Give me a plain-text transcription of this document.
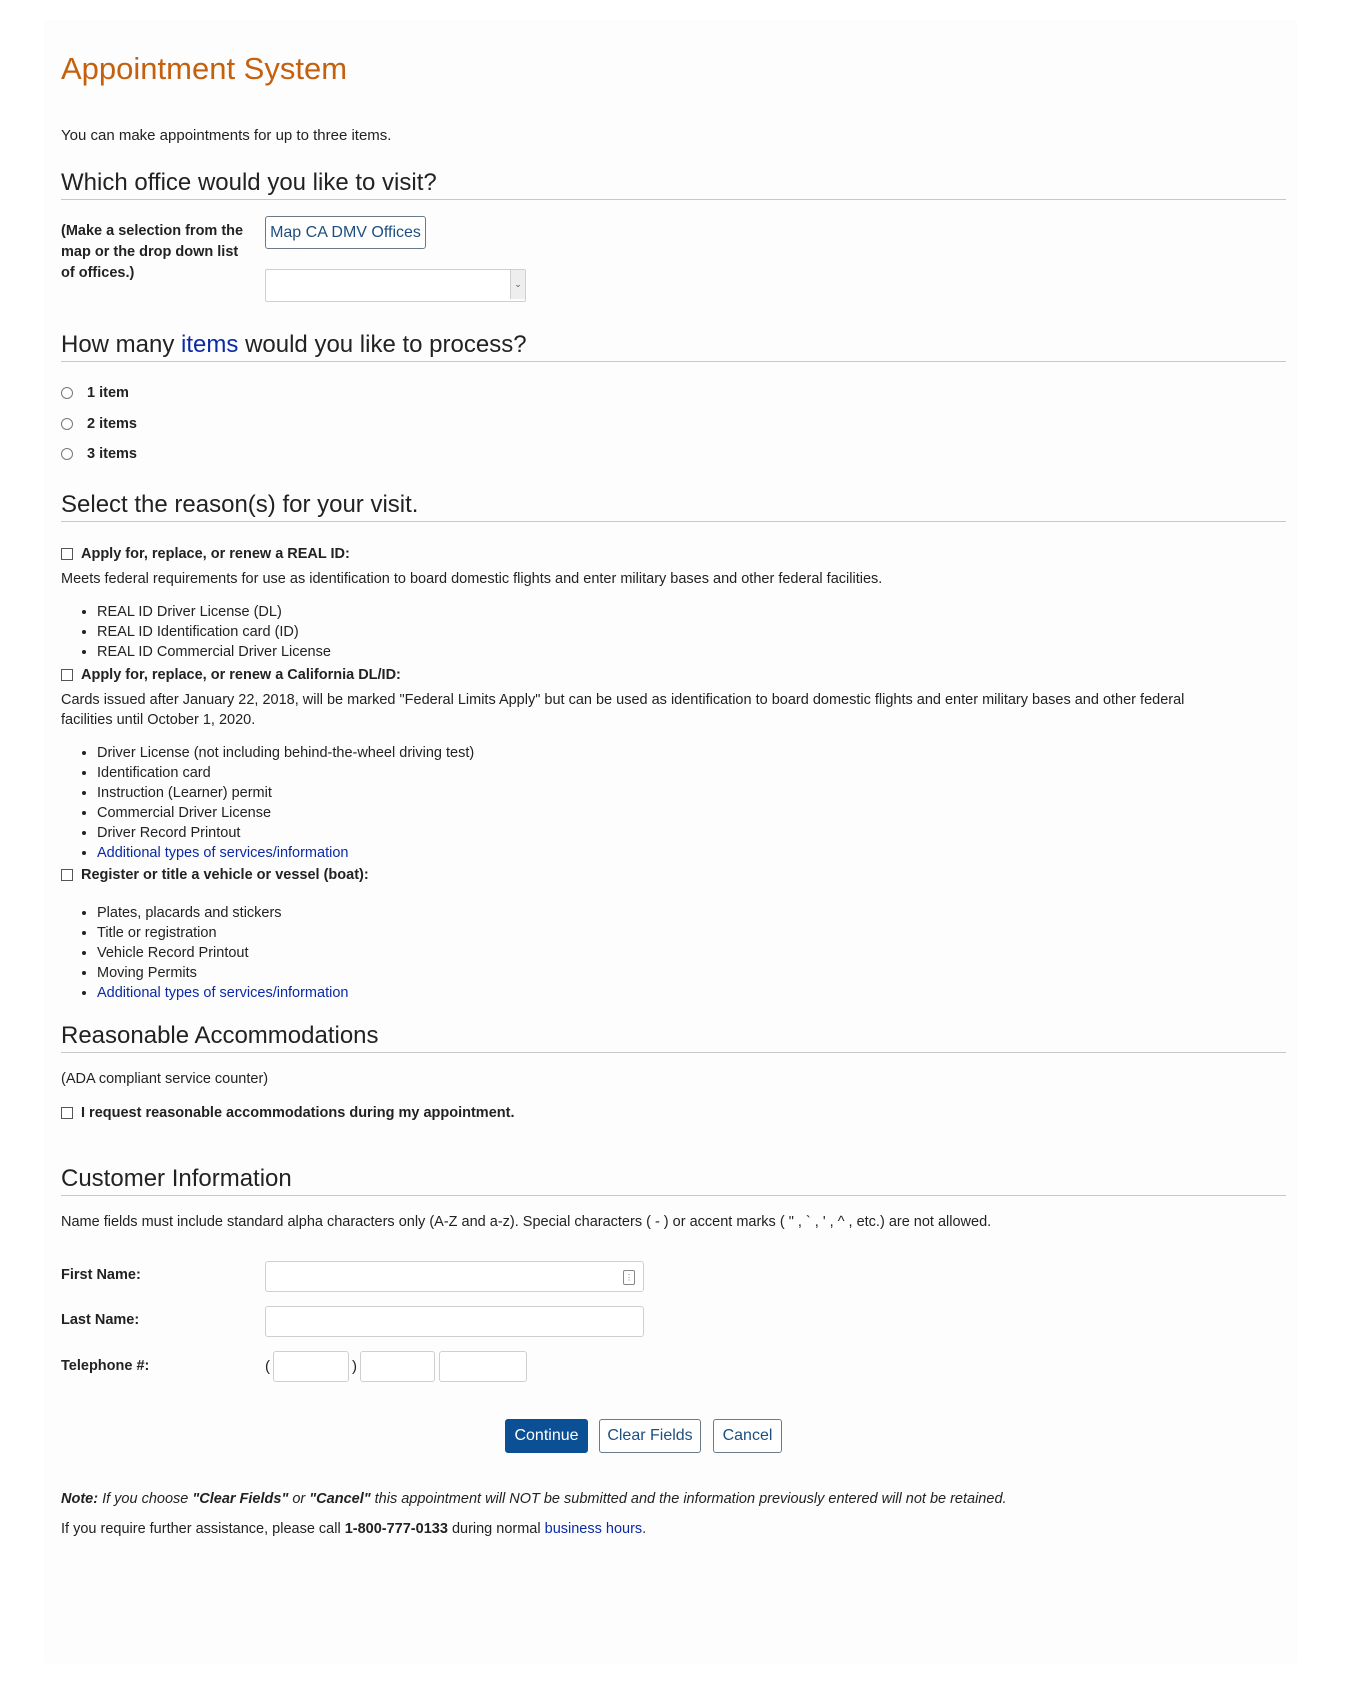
Appointment System
You can make appointments for up to three items.
Which office would you like to visit?
(Make a selection from the map or the drop down list of offices.)
Map CA DMV Offices
⌄
How many items would you like to process?
1 item
2 items
3 items
Select the reason(s) for your visit.
Apply for, replace, or renew a REAL ID:
Meets federal requirements for use as identification to board domestic flights and enter military bases and other federal facilities.
• REAL ID Driver License (DL)
• REAL ID Identification card (ID)
• REAL ID Commercial Driver License
Apply for, replace, or renew a California DL/ID:
Cards issued after January 22, 2018, will be marked "Federal Limits Apply" but can be used as identification to board domestic flights and enter military bases and other federal facilities until October 1, 2020.
• Driver License (not including behind-the-wheel driving test)
• Identification card
• Instruction (Learner) permit
• Commercial Driver License
• Driver Record Printout
• Additional types of services/information
Register or title a vehicle or vessel (boat):
• Plates, placards and stickers
• Title or registration
• Vehicle Record Printout
• Moving Permits
• Additional types of services/information
Reasonable Accommodations
(ADA compliant service counter)
I request reasonable accommodations during my appointment.
Customer Information
Name fields must include standard alpha characters only (A-Z and a-z). Special characters ( - ) or accent marks ( " , ` , ' , ^ , etc.) are not allowed.
First Name:	⋮
Last Name:
Telephone #:	(	)
Continue	Clear Fields	Cancel
Note: If you choose "Clear Fields" or "Cancel" this appointment will NOT be submitted and the information previously entered will not be retained.
If you require further assistance, please call 1-800-777-0133 during normal business hours.
